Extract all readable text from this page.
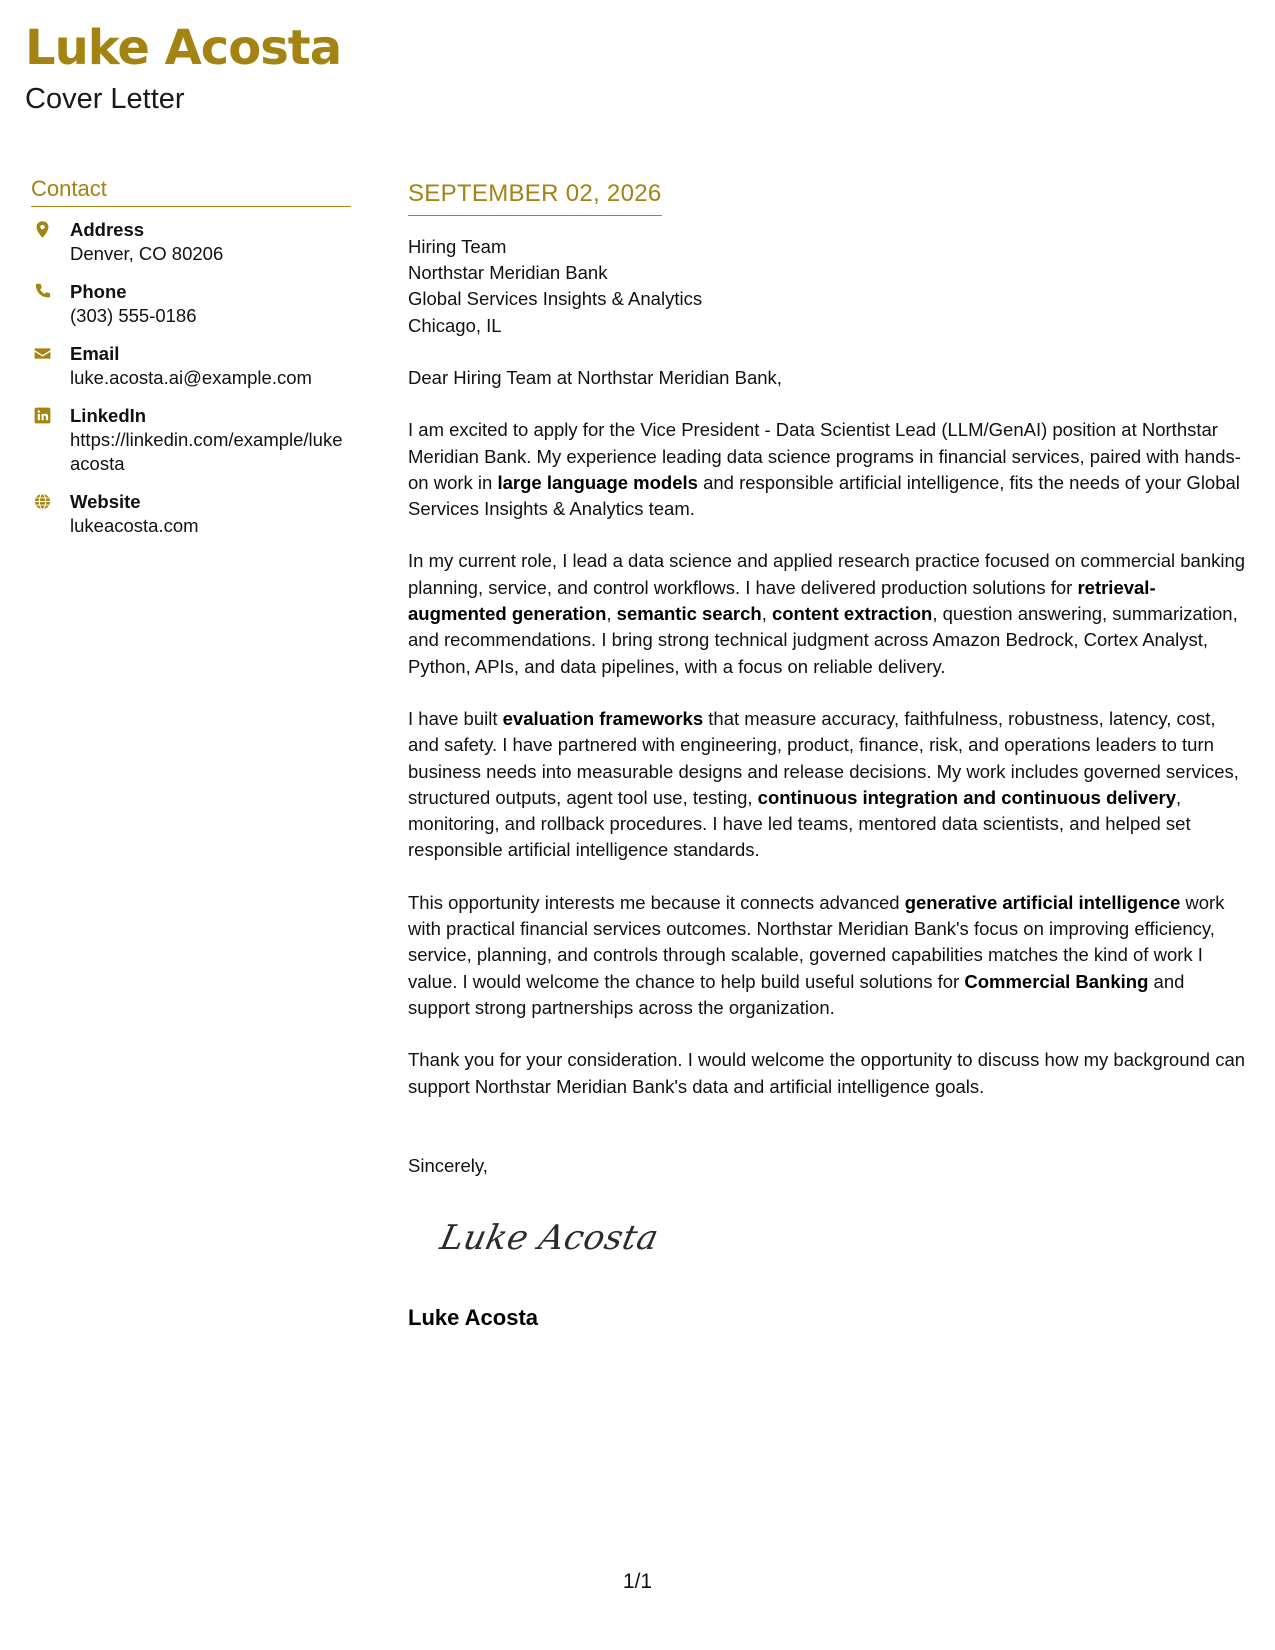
Luke Acosta
Cover Letter
Contact
Address
Denver, CO 80206
Phone
(303) 555-0186
Email
luke.acosta.ai@example.com
LinkedIn
https://linkedin.com/example/lukeacosta
Website
lukeacosta.com
SEPTEMBER 02, 2026
Hiring Team
Northstar Meridian Bank
Global Services Insights & Analytics
Chicago, IL
Dear Hiring Team at Northstar Meridian Bank,

I am excited to apply for the Vice President - Data Scientist Lead (LLM/GenAI) position at Northstar Meridian Bank. My experience leading data science programs in financial services, paired with hands-on work in large language models and responsible artificial intelligence, fits the needs of your Global Services Insights & Analytics team.

In my current role, I lead a data science and applied research practice focused on commercial banking planning, service, and control workflows. I have delivered production solutions for retrieval-augmented generation, semantic search, content extraction, question answering, summarization, and recommendations. I bring strong technical judgment across Amazon Bedrock, Cortex Analyst, Python, APIs, and data pipelines, with a focus on reliable delivery.

I have built evaluation frameworks that measure accuracy, faithfulness, robustness, latency, cost, and safety. I have partnered with engineering, product, finance, risk, and operations leaders to turn business needs into measurable designs and release decisions. My work includes governed services, structured outputs, agent tool use, testing, continuous integration and continuous delivery, monitoring, and rollback procedures. I have led teams, mentored data scientists, and helped set responsible artificial intelligence standards.

This opportunity interests me because it connects advanced generative artificial intelligence work with practical financial services outcomes. Northstar Meridian Bank's focus on improving efficiency, service, planning, and controls through scalable, governed capabilities matches the kind of work I value. I would welcome the chance to help build useful solutions for Commercial Banking and support strong partnerships across the organization.

Thank you for your consideration. I would welcome the opportunity to discuss how my background can support Northstar Meridian Bank's data and artificial intelligence goals.

Sincerely,
Luke Acosta
Luke Acosta
1/1
